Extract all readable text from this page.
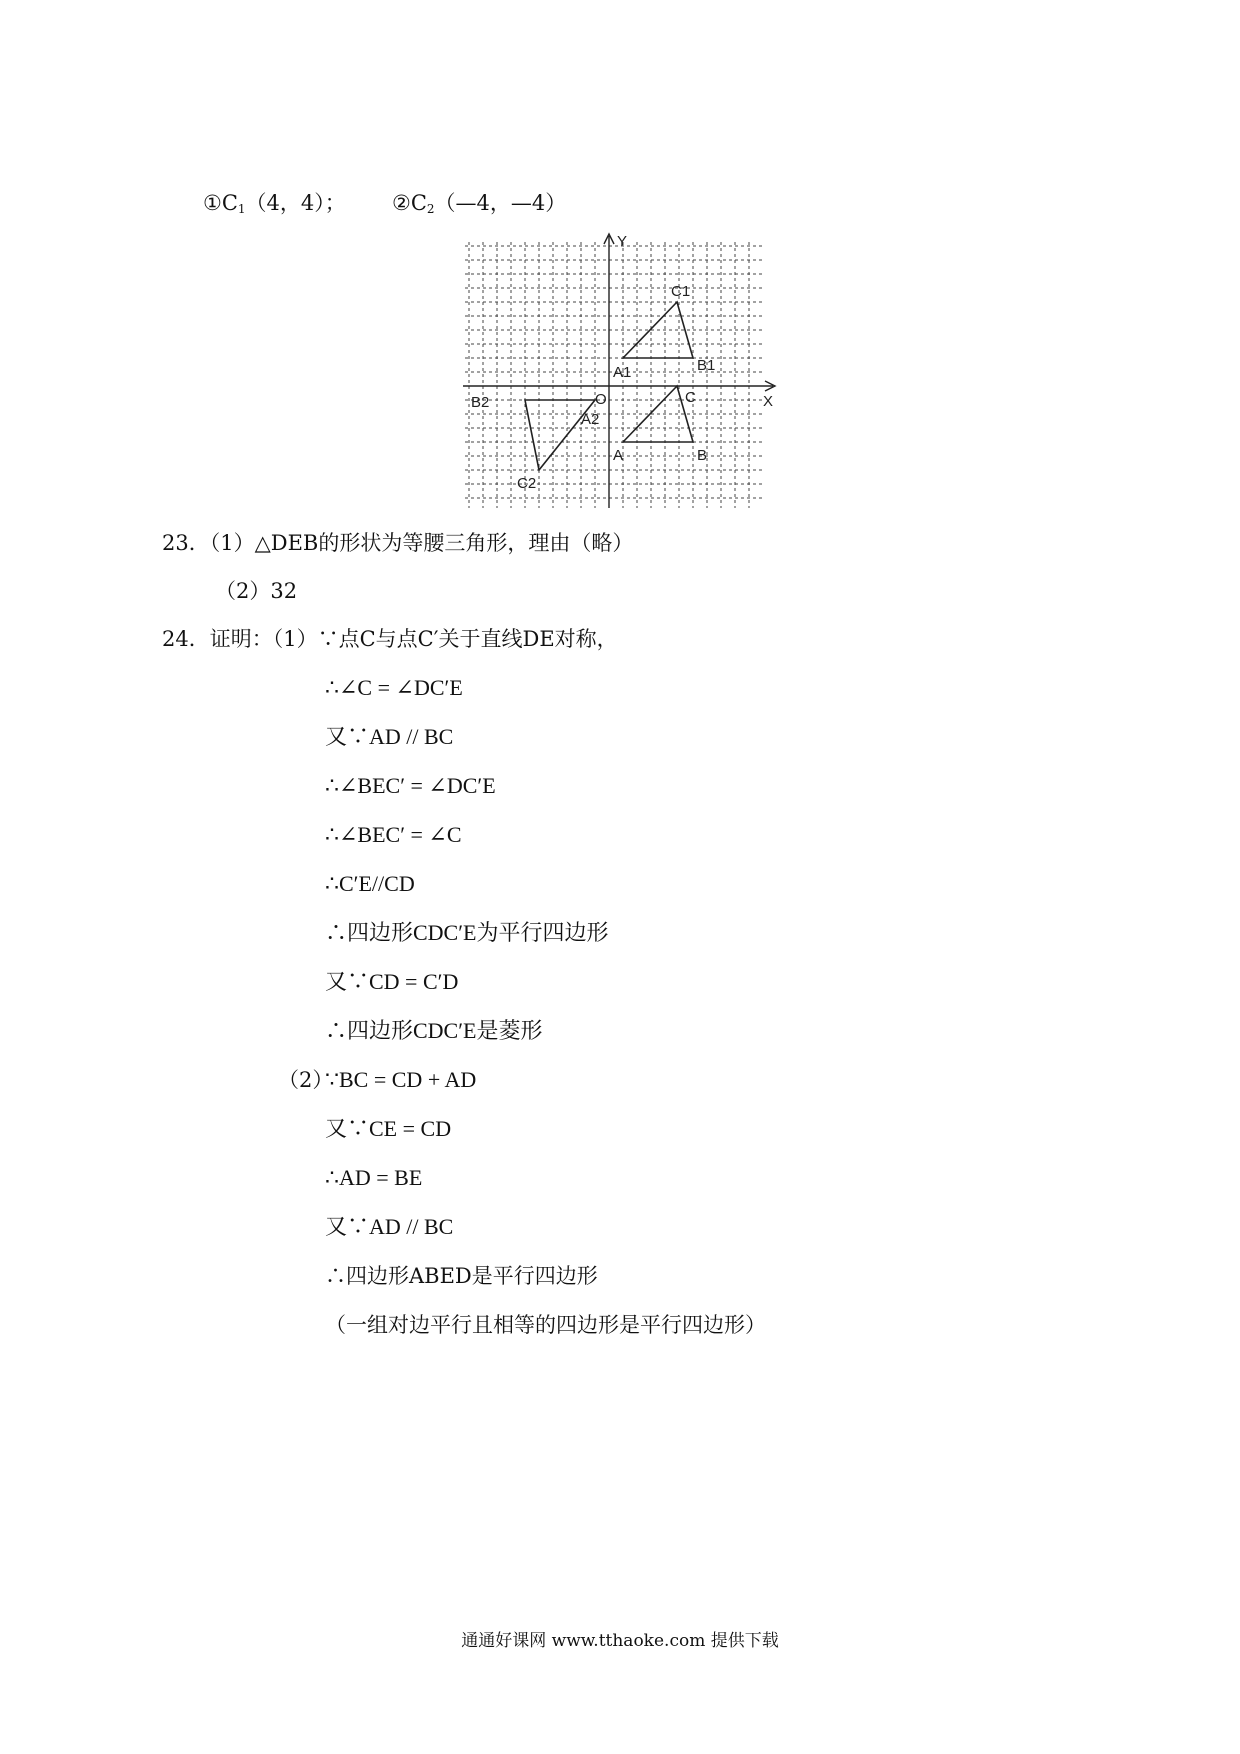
$①C_1(4$，4）； $②C_2(—4$，—4）
Y
X
O
C1
A1	B1
C
A	B
B2
A2
C2
23．（1）△DEB的形状为等腰三角形，理由（略）
（2）32
24．证明：（1）∵点C与点C′关于直线DE对称，
∴∠C = ∠DC′E
又∵AD // BC
∴∠BEC′ = ∠DC′E
∴∠BEC′ = ∠C
∴C′E//CD
∴四边形CDC′E为平行四边形
又∵CD = C′D
∴四边形CDC′E是菱形
（2）
∵BC = CD + AD
又∵CE = CD
∴AD = BE
又∵AD // BC
∴四边形ABED是平行四边形
（一组对边平行且相等的四边形是平行四边形）
通通好课网 www.tthaoke.com 提供下载
